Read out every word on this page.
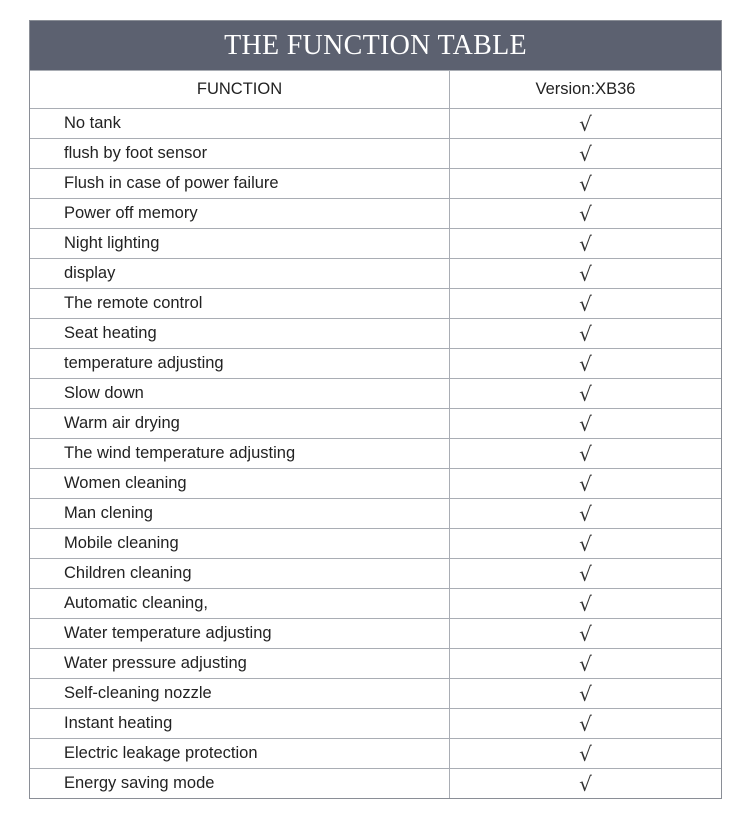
THE FUNCTION TABLE
FUNCTION	Version:XB36
No tank	√
flush by foot sensor	√
Flush in case of power failure	√
Power off memory	√
Night lighting	√
display	√
The remote control	√
Seat heating	√
temperature adjusting	√
Slow down	√
Warm air drying	√
The wind temperature adjusting	√
Women cleaning	√
Man clening	√
Mobile cleaning	√
Children cleaning	√
Automatic cleaning,	√
Water temperature adjusting	√
Water pressure adjusting	√
Self-cleaning nozzle	√
Instant heating	√
Electric leakage protection	√
Energy saving mode	√
